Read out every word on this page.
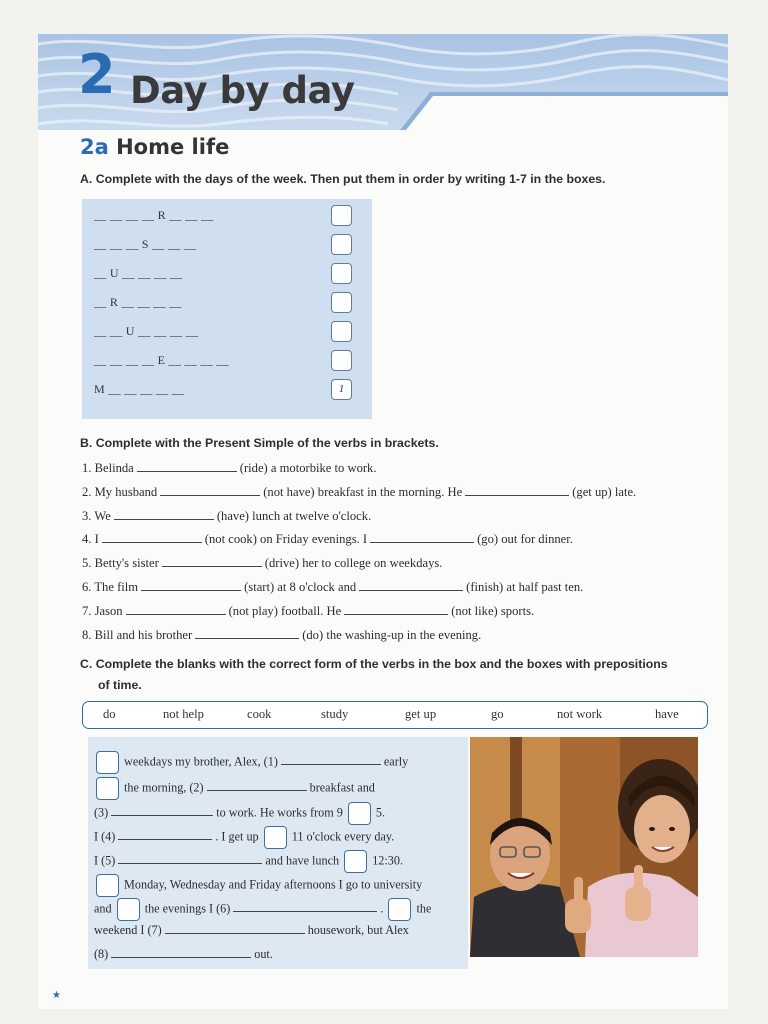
2 Day by day
2a Home life
A. Complete with the days of the week. Then put them in order by writing 1-7 in the boxes.
__ __ __ __ R __ __ __
__ __ __ S __ __ __
__ U __ __ __ __
__ R __ __ __ __
__ __ U __ __ __ __
__ __ __ __ E __ __ __ __
M __ __ __ __ __	1
B. Complete with the Present Simple of the verbs in brackets.
1. Belinda	(ride) a motorbike to work.
2. My husband	(not have) breakfast in the morning. He	(get up) late.
3. We	(have) lunch at twelve o'clock.
4. I	(not cook) on Friday evenings. I	(go) out for dinner.
5. Betty's sister	(drive) her to college on weekdays.
6. The film	(start) at 8 o'clock and	(finish) at half past ten.
7. Jason	(not play) football. He	(not like) sports.
8. Bill and his brother	(do) the washing-up in the evening.
C. Complete the blanks with the correct form of the verbs in the box and the boxes with prepositions
of time.
do	not help	cook	study	get up	go	not work	have
weekdays my brother, Alex, (1)	early
the morning, (2)	breakfast and
(3)	to work. He works from 9	5.
I (4)	. I get up	11 o'clock every day.
I (5)	and have lunch	12:30.
Monday, Wednesday and Friday afternoons I go to university
and	the evenings I (6)	.	the
weekend I (7)	housework, but Alex
(8)	out.
★
